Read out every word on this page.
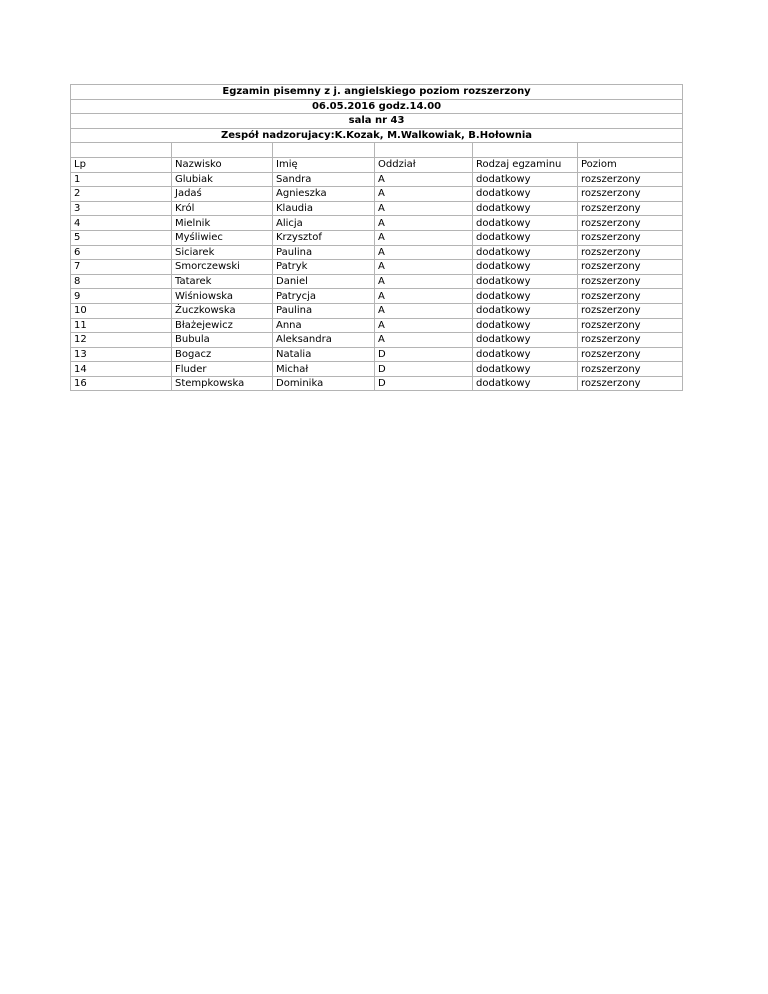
Egzamin pisemny z j. angielskiego poziom rozszerzony					
06.05.2016 godz.14.00					
sala nr 43					
Zespół nadzorujacy:K.Kozak, M.Walkowiak, B.Hołownia					

Lp	Nazwisko	Imię	Oddział	Rodzaj egzaminu	Poziom
1	Glubiak	Sandra	A	dodatkowy	rozszerzony
2	Jadaś	Agnieszka	A	dodatkowy	rozszerzony
3	Król	Klaudia	A	dodatkowy	rozszerzony
4	Mielnik	Alicja	A	dodatkowy	rozszerzony
5	Myśliwiec	Krzysztof	A	dodatkowy	rozszerzony
6	Siciarek	Paulina	A	dodatkowy	rozszerzony
7	Smorczewski	Patryk	A	dodatkowy	rozszerzony
8	Tatarek	Daniel	A	dodatkowy	rozszerzony
9	Wiśniowska	Patrycja	A	dodatkowy	rozszerzony
10	Żuczkowska	Paulina	A	dodatkowy	rozszerzony
11	Błażejewicz	Anna	A	dodatkowy	rozszerzony
12	Bubula	Aleksandra	A	dodatkowy	rozszerzony
13	Bogacz	Natalia	D	dodatkowy	rozszerzony
14	Fluder	Michał	D	dodatkowy	rozszerzony
16	Stempkowska	Dominika	D	dodatkowy	rozszerzony
